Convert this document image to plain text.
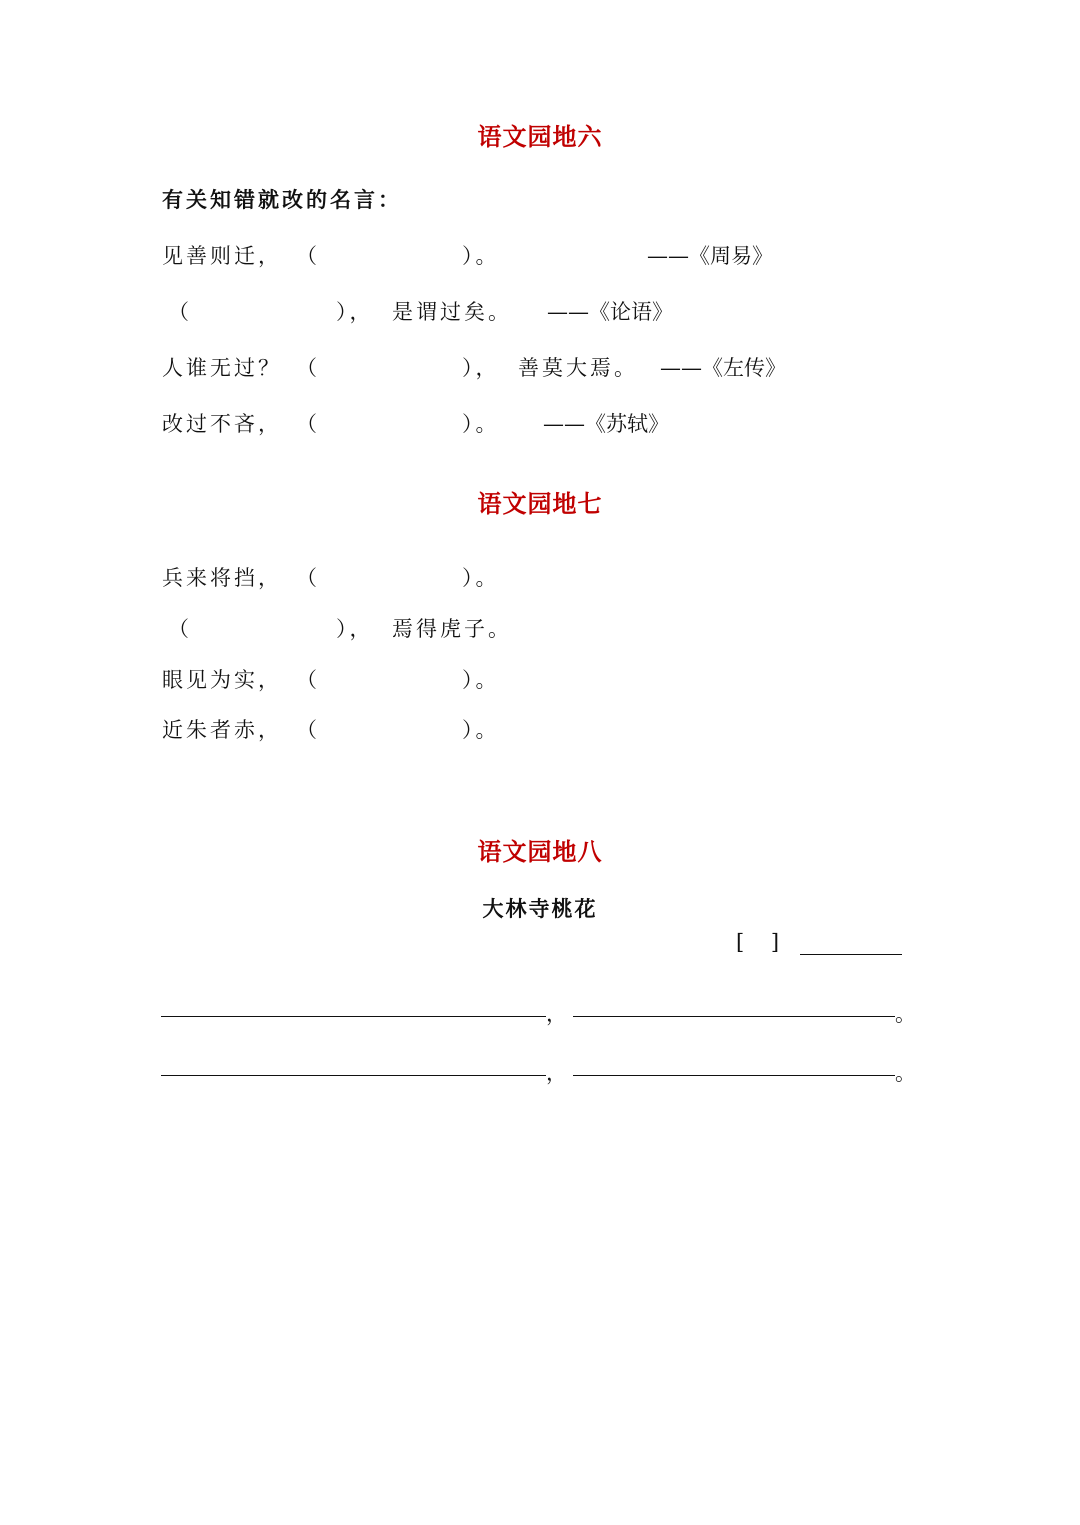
语文园地六
有关知错就改的名言：
见善则迁， （	）。	——《周易》
（	）， 是谓过矣。 ——《论语》
人谁无过？ （	）， 善莫大焉。 ——《左传》
改过不吝， （	）。 ——《苏轼》
语文园地七
兵来将挡， （	）。
（	）， 焉得虎子。
眼见为实， （	）。
近朱者赤， （	）。
语文园地八
大林寺桃花
[    ]
，	。
，	。
